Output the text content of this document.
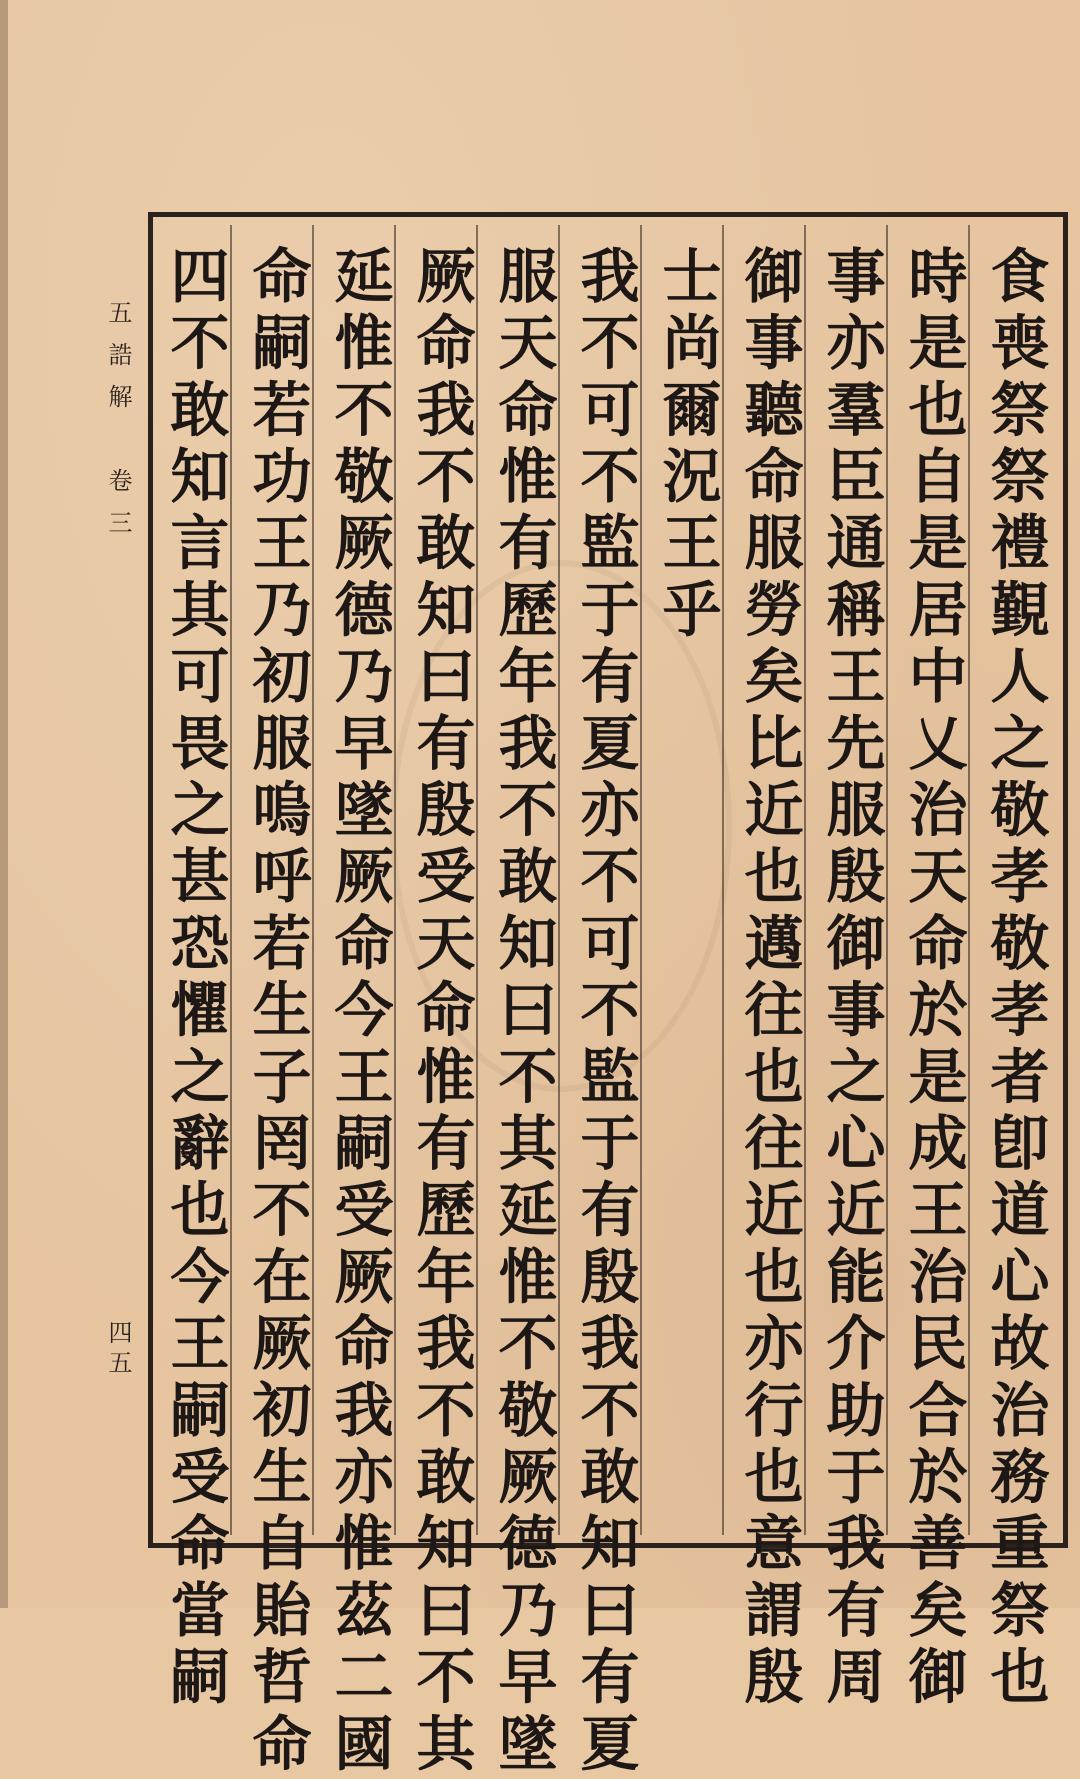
五誥解　卷三
四五	食喪祭祭禮覲人之敬孝敬孝者卽道心故治務重祭也
時是也自是居中乂治天命於是成王治民合於善矣御
事亦羣臣通稱王先服殷御事之心近能介助于我有周
御事聽命服勞矣比近也邁往也往近也亦行也意謂殷
士尚爾況王乎
我不可不監于有夏亦不可不監于有殷我不敢知曰有夏
服天命惟有歷年我不敢知曰不其延惟不敬厥德乃早墜
厥命我不敢知曰有殷受天命惟有歷年我不敢知曰不其
延惟不敬厥德乃早墜厥命今王嗣受厥命我亦惟茲二國
命嗣若功王乃初服嗚呼若生子罔不在厥初生自貽哲命
四不敢知言其可畏之甚恐懼之辭也今王嗣受命當嗣
